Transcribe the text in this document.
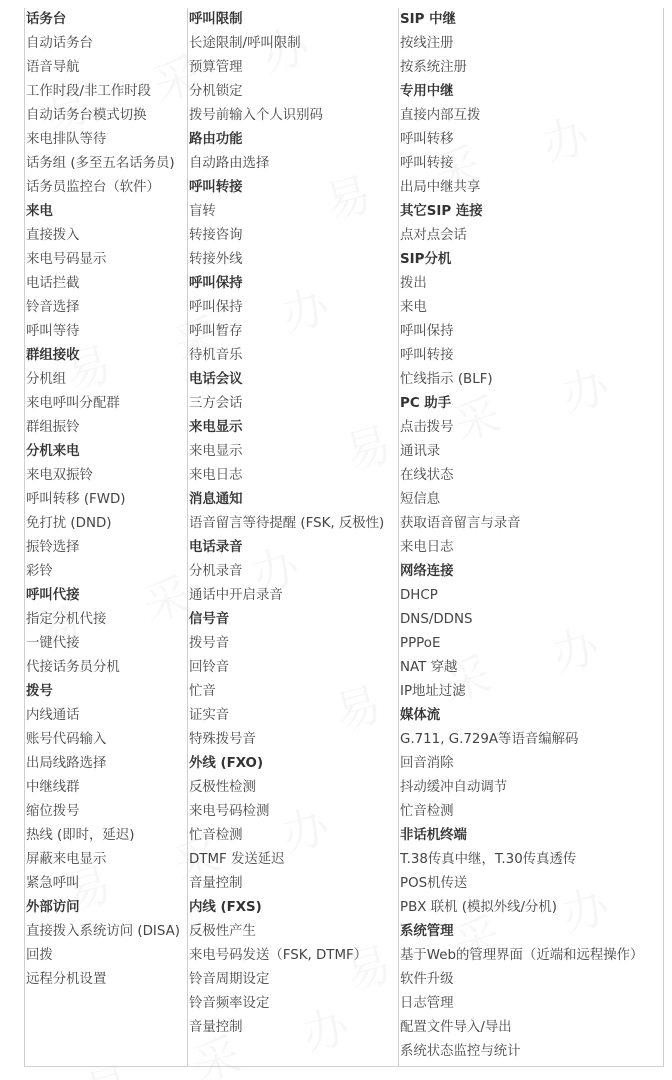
话务台
自动话务台
语音导航
工作时段/非工作时段
自动话务台模式切换
来电排队等待
话务组 (多至五名话务员)
话务员监控台（软件）
来电
直接拨入
来电号码显示
电话拦截
铃音选择
呼叫等待
群组接收
分机组
来电呼叫分配群
群组振铃
分机来电
来电双振铃
呼叫转移 (FWD)
免打扰 (DND)
振铃选择
彩铃
呼叫代接
指定分机代接
一键代接
代接话务员分机
拨号
内线通话
账号代码输入
出局线路选择
中继线群
缩位拨号
热线 (即时，延迟)
屏蔽来电显示
紧急呼叫
外部访问
直接拨入系统访问 (DISA)
回拨
远程分机设置

呼叫限制
长途限制/呼叫限制
预算管理
分机锁定
拨号前输入个人识别码
路由功能
自动路由选择
呼叫转接
盲转
转接咨询
转接外线
呼叫保持
呼叫保持
呼叫暂存
待机音乐
电话会议
三方会话
来电显示
来电显示
来电日志
消息通知
语音留言等待提醒 (FSK, 反极性)
电话录音
分机录音
通话中开启录音
信号音
拨号音
回铃音
忙音
证实音
特殊拨号音
外线 (FXO)
反极性检测
来电号码检测
忙音检测
DTMF 发送延迟
音量控制
内线 (FXS)
反极性产生
来电号码发送（FSK, DTMF）
铃音周期设定
铃音频率设定
音量控制

SIP 中继
按线注册
按系统注册
专用中继
直接内部互拨
呼叫转移
呼叫转接
出局中继共享
其它SIP 连接
点对点会话
SIP分机
拨出
来电
呼叫保持
呼叫转接
忙线指示 (BLF)
PC 助手
点击拨号
通讯录
在线状态
短信息
获取语音留言与录音
来电日志
网络连接
DHCP
DNS/DDNS
PPPoE
NAT 穿越
IP地址过滤
媒体流
G.711, G.729A等语音编解码
回音消除
抖动缓冲自动调节
忙音检测
非话机终端
T.38传真中继，T.30传真透传
POS机传送
PBX 联机 (模拟外线/分机)
系统管理
基于Web的管理界面（近端和远程操作）
软件升级
日志管理
配置文件导入/导出
系统状态监控与统计
